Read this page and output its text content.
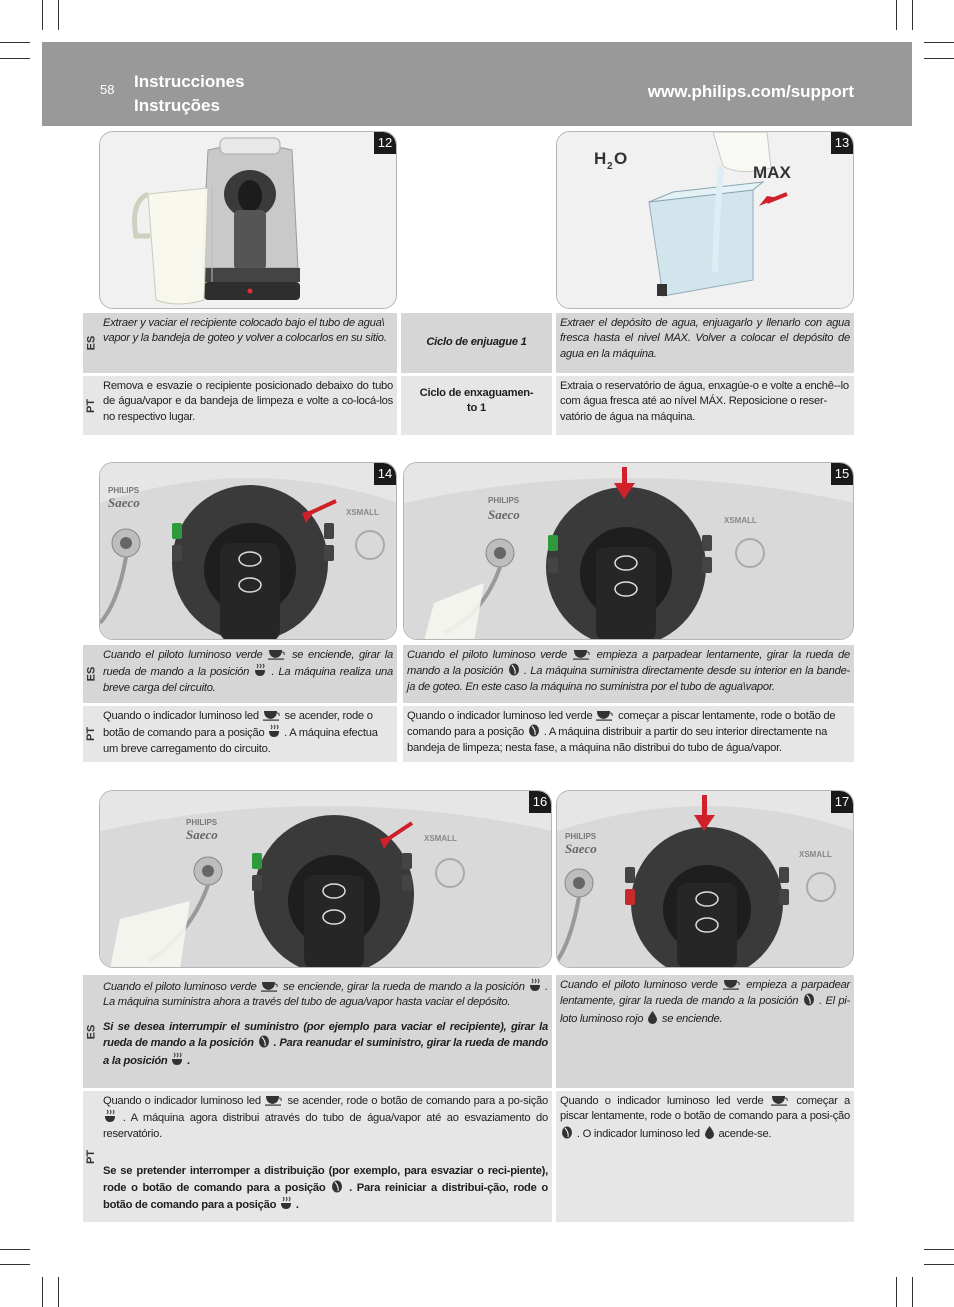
58 Instrucciones
Instruções
www.philips.com/support
12
H 2 O
MAX
13
ES
Extraer y vaciar el recipiente colocado bajo el tubo de agua\ vapor y la bandeja de goteo y volver a colocarlos en su sitio.	Ciclo de enjuague 1
Extraer el depósito de agua, enjuagarlo y llenarlo con agua fresca hasta el nivel MAX. Volver a colocar el depósito de agua en la máquina.
PT
Remova e esvazie o recipiente posicionado debaixo do tubo de água/vapor e da bandeja de limpeza e volte a co-locá-los no respectivo lugar.
Ciclo de enxaguamen-
to 1
Extraia o reservatório de água, enxagúe-o e volte a enchê--lo com água fresca até ao nível MÁX. Reposicione o reser-vatório de água na máquina.
PHILIPS
Saeco
XSMALL
14
PHILIPS
Saeco	XSMALL
15
ES
Cuando el piloto luminoso verde	se enciende, girar la rueda de mando a la posición . La máquina realiza una breve carga del circuito.
Cuando el piloto luminoso verde	empieza a parpadear lentamente, girar la rueda de mando a la posición . La máquina suministra directamente desde su interior en la bande-ja de goteo. En este caso la máquina no suministra por el tubo de agua\vapor.
PT
Quando o indicador luminoso led se acender, rode o botão de comando para a posição . A máquina efectua um breve carregamento do circuito.
Quando o indicador luminoso led verde começar a piscar lentamente, rode o botão de comando para a posição . A máquina distribuir a partir do seu interior directamente na bandeja de limpeza; nesta fase, a máquina não distribui do tubo de água/vapor.
PHILIPS
Saeco	XSMALL
16
PHILIPS
Saeco	XSMALL
17
ES
Cuando el piloto luminoso verde se enciende, girar la rueda de mando a la posición . La máquina suministra ahora a través del tubo de agua/vapor hasta vaciar el depósito.
Si se desea interrumpir el suministro (por ejemplo para vaciar el recipiente), girar la rueda de mando a la posición . Para reanudar el suministro, girar la rueda de mando a la posición .
Cuando el piloto luminoso verde	empieza a parpadear lentamente, girar la rueda de mando a la posición . El pi-loto luminoso rojo se enciende.
PT
Quando o indicador luminoso led se acender, rode o botão de comando para a po-sição  . A máquina agora distribui através do tubo de água/vapor até ao esvaziamento do reservatório.
Se se pretender interromper a distribuição (por exemplo, para esvaziar o reci-piente), rode o botão de comando para a posição . Para reiniciar a distribui-ção, rode o botão de comando para a posição .
Quando o indicador luminoso led verde	começar a piscar lentamente, rode o botão de comando para a posi-ção  . O indicador luminoso led acende-se.
